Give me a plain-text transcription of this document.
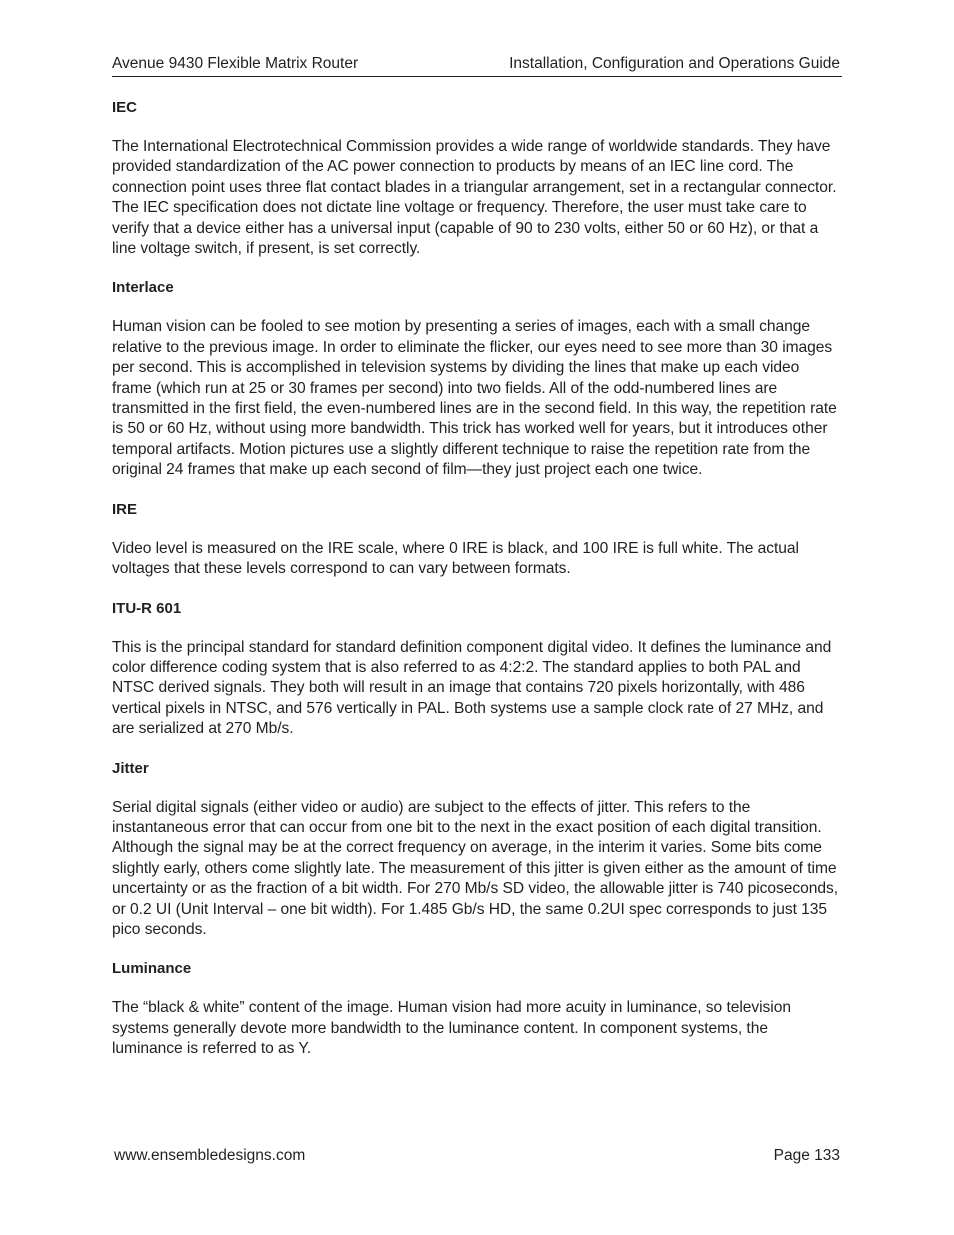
Avenue 9430 Flexible Matrix Router	Installation, Configuration and Operations Guide

IEC

The International Electrotechnical Commission provides a wide range of worldwide standards. They have provided standardization of the AC power connection to products by means of an IEC line cord. The connection point uses three flat contact blades in a triangular arrangement, set in a rectangular connector. The IEC specification does not dictate line voltage or frequency. Therefore, the user must take care to verify that a device either has a universal input (capable of 90 to 230 volts, either 50 or 60 Hz), or that a line voltage switch, if present, is set correctly.

Interlace

Human vision can be fooled to see motion by presenting a series of images, each with a small change relative to the previous image. In order to eliminate the flicker, our eyes need to see more than 30 images per second. This is accomplished in television systems by dividing the lines that make up each video frame (which run at 25 or 30 frames per second) into two fields. All of the odd-numbered lines are transmitted in the first field, the even-numbered lines are in the second field. In this way, the repetition rate is 50 or 60 Hz, without using more bandwidth. This trick has worked well for years, but it introduces other temporal artifacts. Motion pictures use a slightly different technique to raise the repetition rate from the original 24 frames that make up each second of film—they just project each one twice.

IRE

Video level is measured on the IRE scale, where 0 IRE is black, and 100 IRE is full white. The actual voltages that these levels correspond to can vary between formats.

ITU-R 601

This is the principal standard for standard definition component digital video. It defines the luminance and color difference coding system that is also referred to as 4:2:2. The standard applies to both PAL and NTSC derived signals. They both will result in an image that contains 720 pixels horizontally, with 486 vertical pixels in NTSC, and 576 vertically in PAL. Both systems use a sample clock rate of 27 MHz, and are serialized at 270 Mb/s.

Jitter

Serial digital signals (either video or audio) are subject to the effects of jitter. This refers to the instantaneous error that can occur from one bit to the next in the exact position of each digital transition. Although the signal may be at the correct frequency on average, in the interim it varies. Some bits come slightly early, others come slightly late. The measurement of this jitter is given either as the amount of time uncertainty or as the fraction of a bit width. For 270 Mb/s SD video, the allowable jitter is 740 picoseconds, or 0.2 UI (Unit Interval – one bit width). For 1.485 Gb/s HD, the same 0.2UI spec corresponds to just 135 pico seconds.

Luminance

The “black & white” content of the image. Human vision had more acuity in luminance, so television systems generally devote more bandwidth to the luminance content. In component systems, the luminance is referred to as Y.

www.ensembledesigns.com	Page 133
